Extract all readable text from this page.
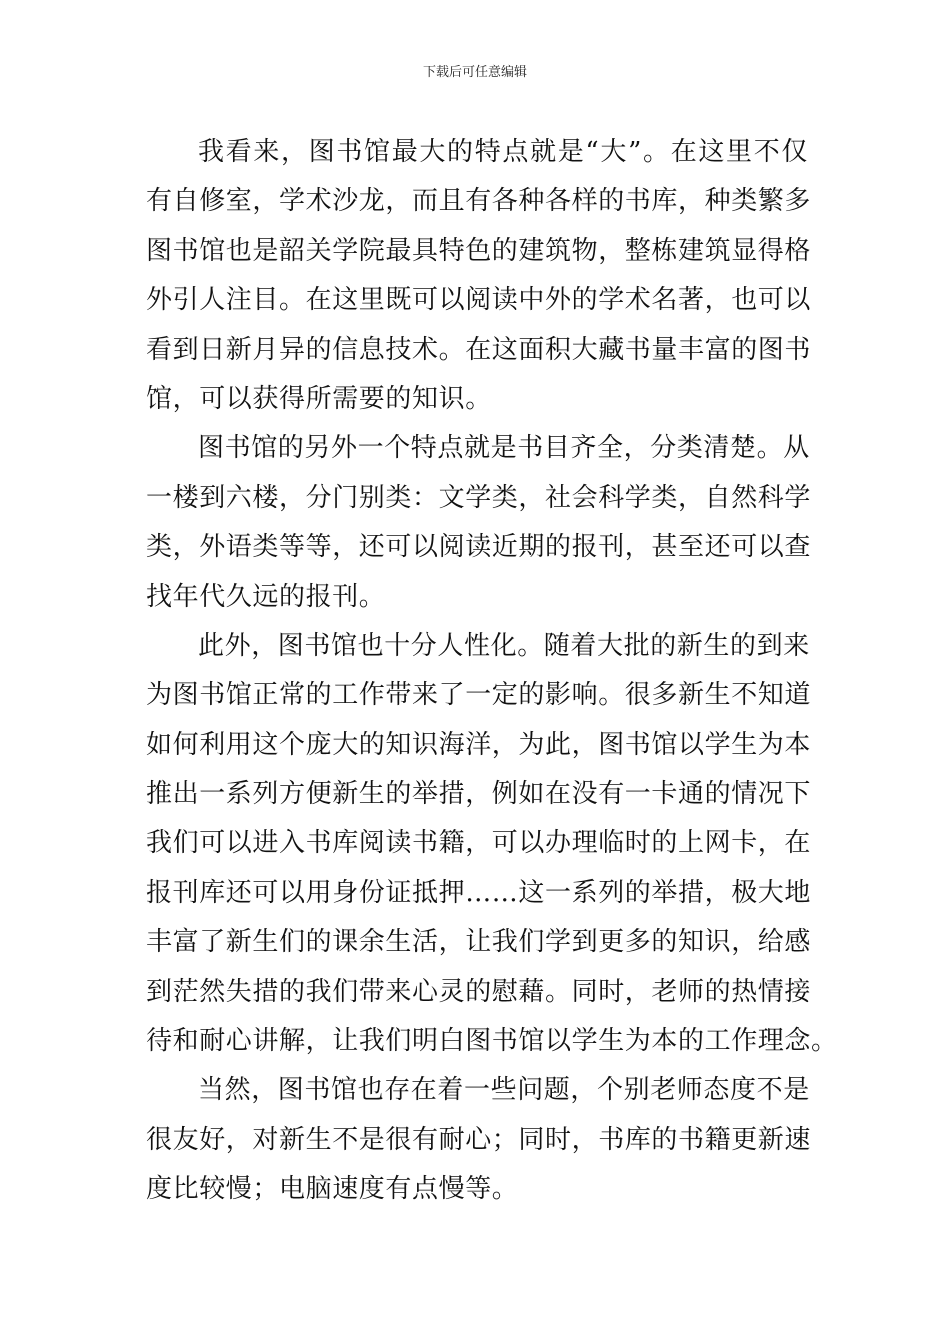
下载后可任意编辑
我看来，图书馆最大的特点就是“大”。在这里不仅
有自修室，学术沙龙，而且有各种各样的书库，种类繁多
图书馆也是韶关学院最具特色的建筑物，整栋建筑显得格
外引人注目。在这里既可以阅读中外的学术名著，也可以
看到日新月异的信息技术。在这面积大藏书量丰富的图书
馆，可以获得所需要的知识。
图书馆的另外一个特点就是书目齐全，分类清楚。从
一楼到六楼，分门别类：文学类，社会科学类，自然科学
类，外语类等等，还可以阅读近期的报刊，甚至还可以查
找年代久远的报刊。
此外，图书馆也十分人性化。随着大批的新生的到来
为图书馆正常的工作带来了一定的影响。很多新生不知道
如何利用这个庞大的知识海洋，为此，图书馆以学生为本
推出一系列方便新生的举措，例如在没有一卡通的情况下
我们可以进入书库阅读书籍，可以办理临时的上网卡，在
报刊库还可以用身份证抵押……这一系列的举措，极大地
丰富了新生们的课余生活，让我们学到更多的知识，给感
到茫然失措的我们带来心灵的慰藉。同时，老师的热情接
待和耐心讲解，让我们明白图书馆以学生为本的工作理念。
当然，图书馆也存在着一些问题，个别老师态度不是
很友好，对新生不是很有耐心；同时，书库的书籍更新速
度比较慢；电脑速度有点慢等。
